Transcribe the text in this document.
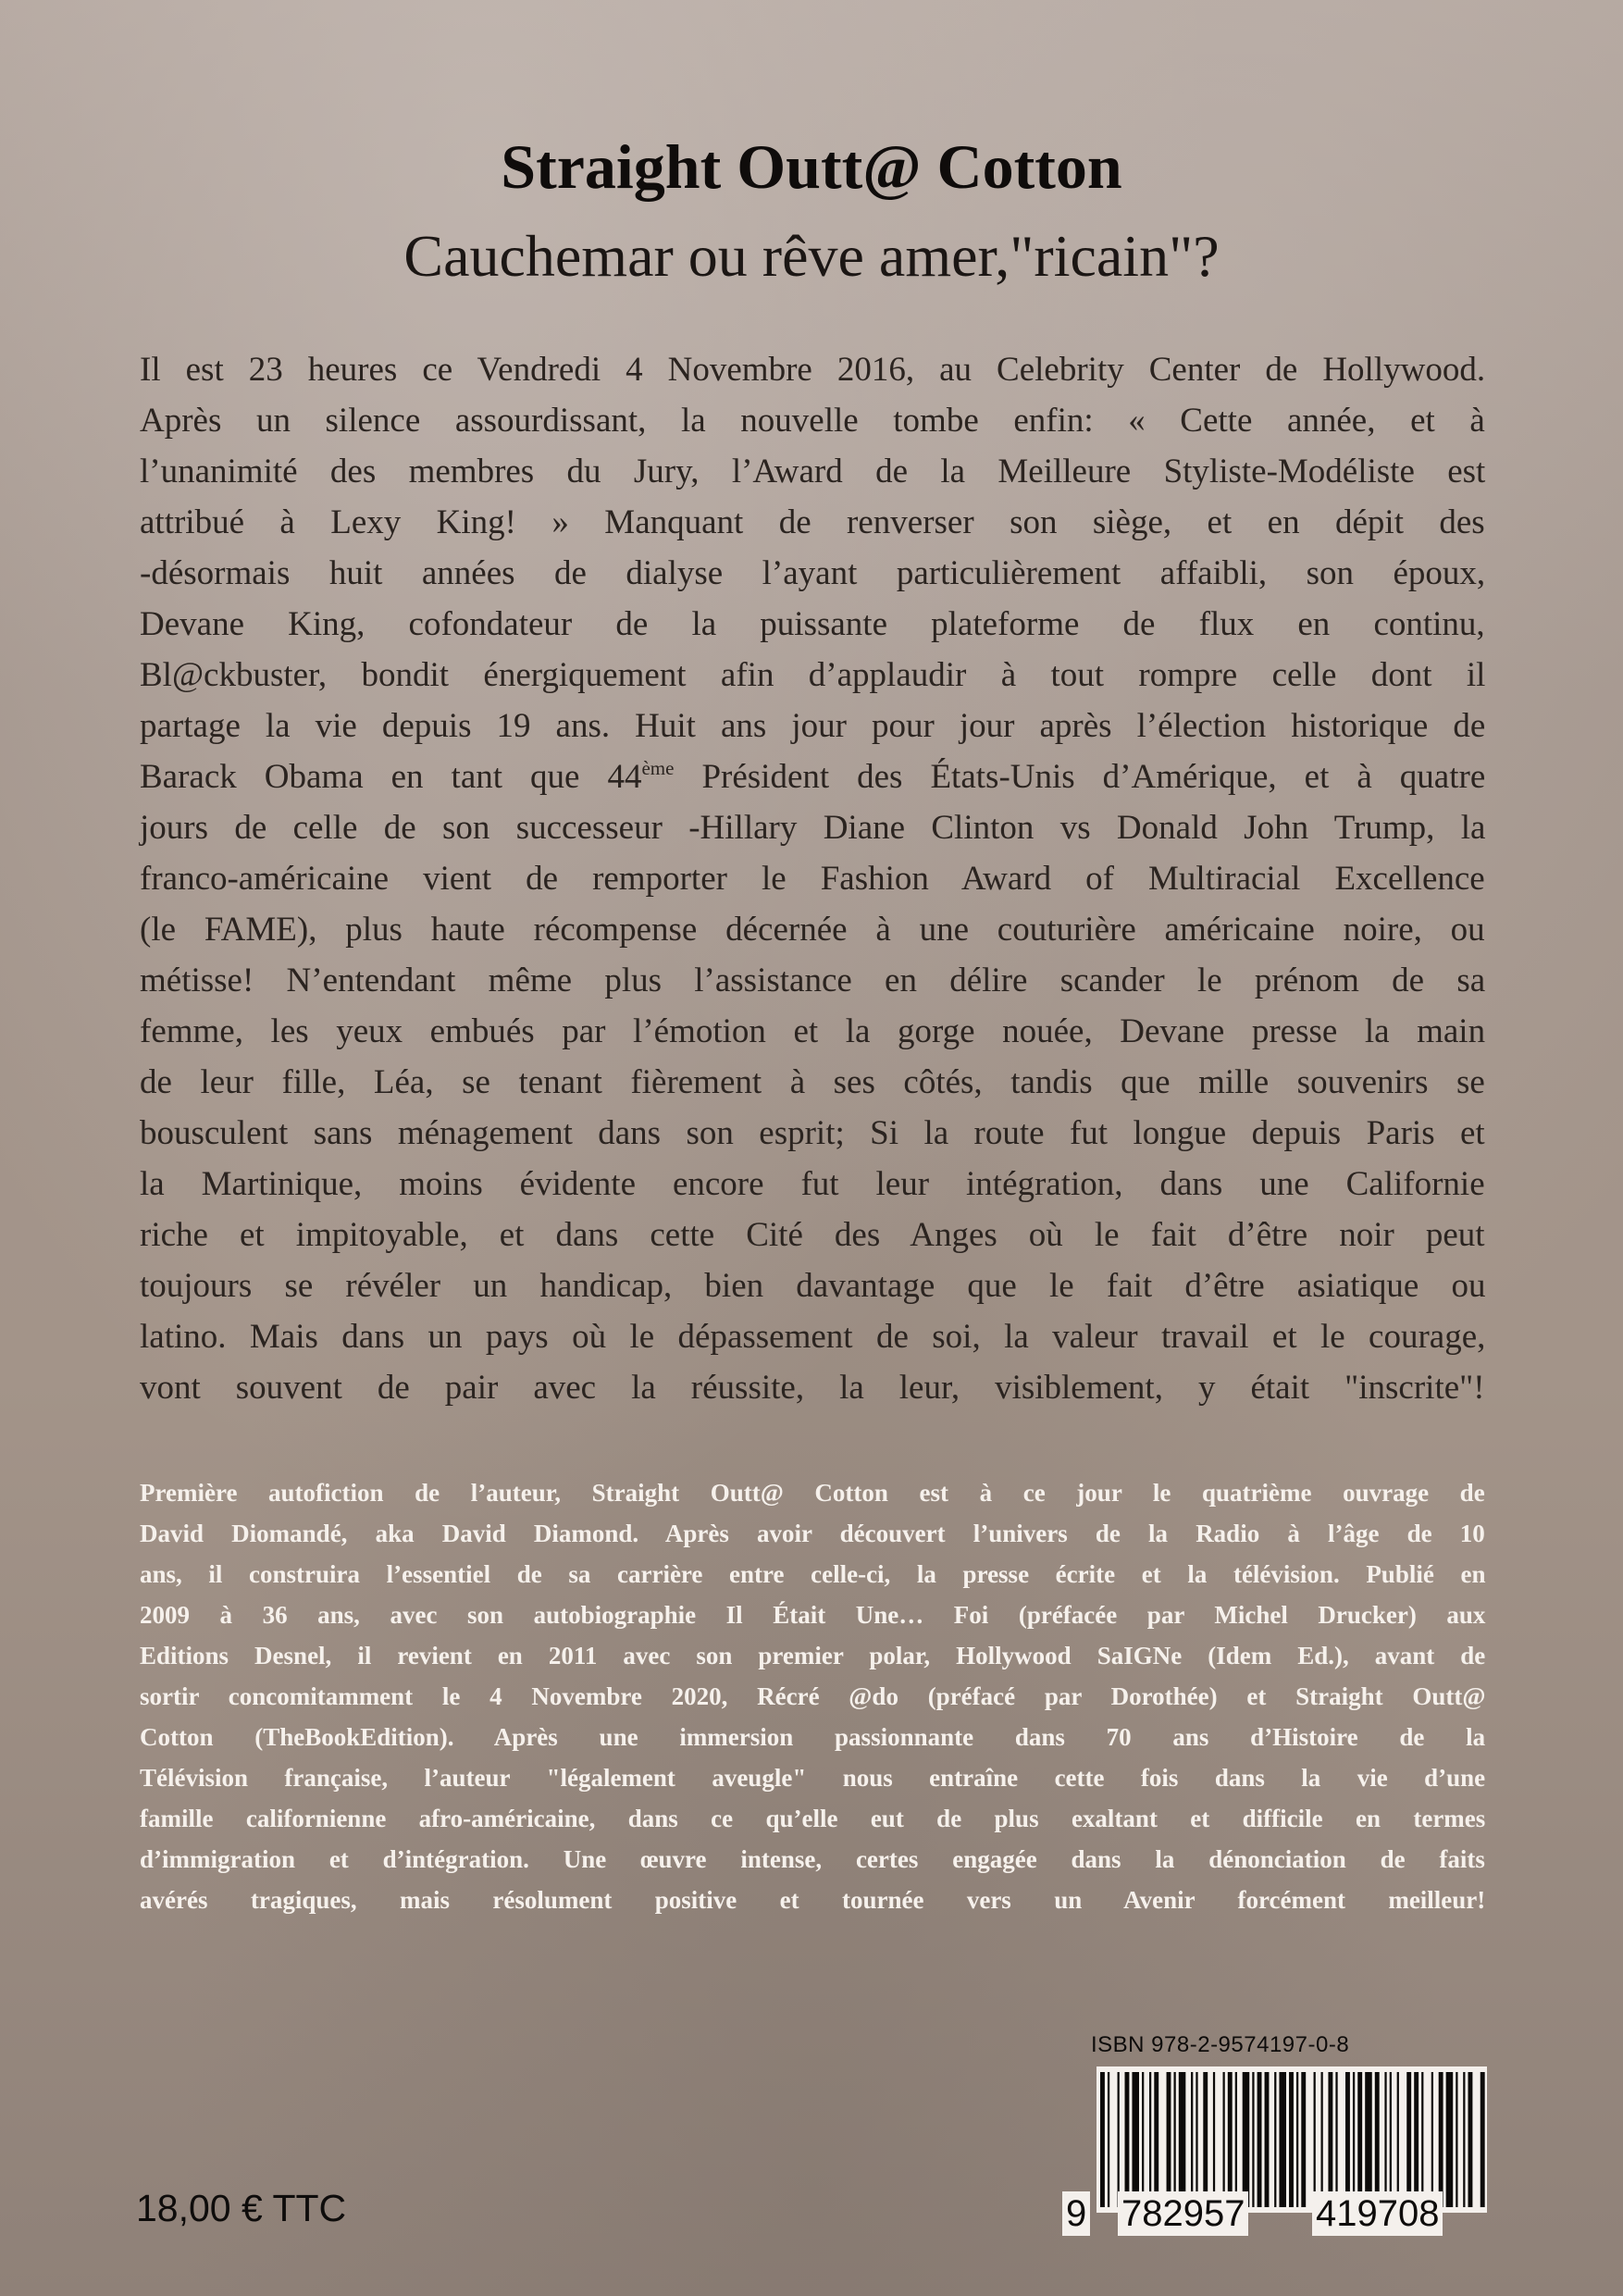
Straight Outt@ Cotton
Cauchemar ou rêve amer,"ricain"?
Il est 23 heures ce Vendredi 4 Novembre 2016, au Celebrity Center de Hollywood.
Après un silence assourdissant, la nouvelle tombe enfin: « Cette année, et à
l’unanimité des membres du Jury, l’Award de la Meilleure Styliste-Modéliste est
attribué à Lexy King! » Manquant de renverser son siège, et en dépit des
-désormais huit années de dialyse l’ayant particulièrement affaibli, son époux,
Devane King, cofondateur de la puissante plateforme de flux en continu,
Bl@ckbuster, bondit énergiquement afin d’applaudir à tout rompre celle dont il
partage la vie depuis 19 ans. Huit ans jour pour jour après l’élection historique de
Barack Obama en tant que 44ème Président des États-Unis d’Amérique, et à quatre
jours de celle de son successeur -Hillary Diane Clinton vs Donald John Trump, la
franco-américaine vient de remporter le Fashion Award of Multiracial Excellence
(le FAME), plus haute récompense décernée à une couturière américaine noire, ou
métisse! N’entendant même plus l’assistance en délire scander le prénom de sa
femme, les yeux embués par l’émotion et la gorge nouée, Devane presse la main
de leur fille, Léa, se tenant fièrement à ses côtés, tandis que mille souvenirs se
bousculent sans ménagement dans son esprit; Si la route fut longue depuis Paris et
la Martinique, moins évidente encore fut leur intégration, dans une Californie
riche et impitoyable, et dans cette Cité des Anges où le fait d’être noir peut
toujours se révéler un handicap, bien davantage que le fait d’être asiatique ou
latino. Mais dans un pays où le dépassement de soi, la valeur travail et le courage,
vont souvent de pair avec la réussite, la leur, visiblement, y était "inscrite"!
Première autofiction de l’auteur, Straight Outt@ Cotton est à ce jour le quatrième ouvrage de
David Diomandé, aka David Diamond. Après avoir découvert l’univers de la Radio à l’âge de 10
ans, il construira l’essentiel de sa carrière entre celle-ci, la presse écrite et la télévision. Publié en
2009 à 36 ans, avec son autobiographie Il Était Une… Foi (préfacée par Michel Drucker) aux
Editions Desnel, il revient en 2011 avec son premier polar, Hollywood SaIGNe (Idem Ed.), avant de
sortir concomitamment le 4 Novembre 2020, Récré @do (préfacé par Dorothée) et Straight Outt@
Cotton (TheBookEdition). Après une immersion passionnante dans 70 ans d’Histoire de la
Télévision française, l’auteur "légalement aveugle" nous entraîne cette fois dans la vie d’une
famille californienne afro-américaine, dans ce qu’elle eut de plus exaltant et difficile en termes
d’immigration et d’intégration. Une œuvre intense, certes engagée dans la dénonciation de faits
avérés tragiques, mais résolument positive et tournée vers un Avenir forcément meilleur!
ISBN 978-2-9574197-0-8
9 782957 419708
18,00 € TTC
